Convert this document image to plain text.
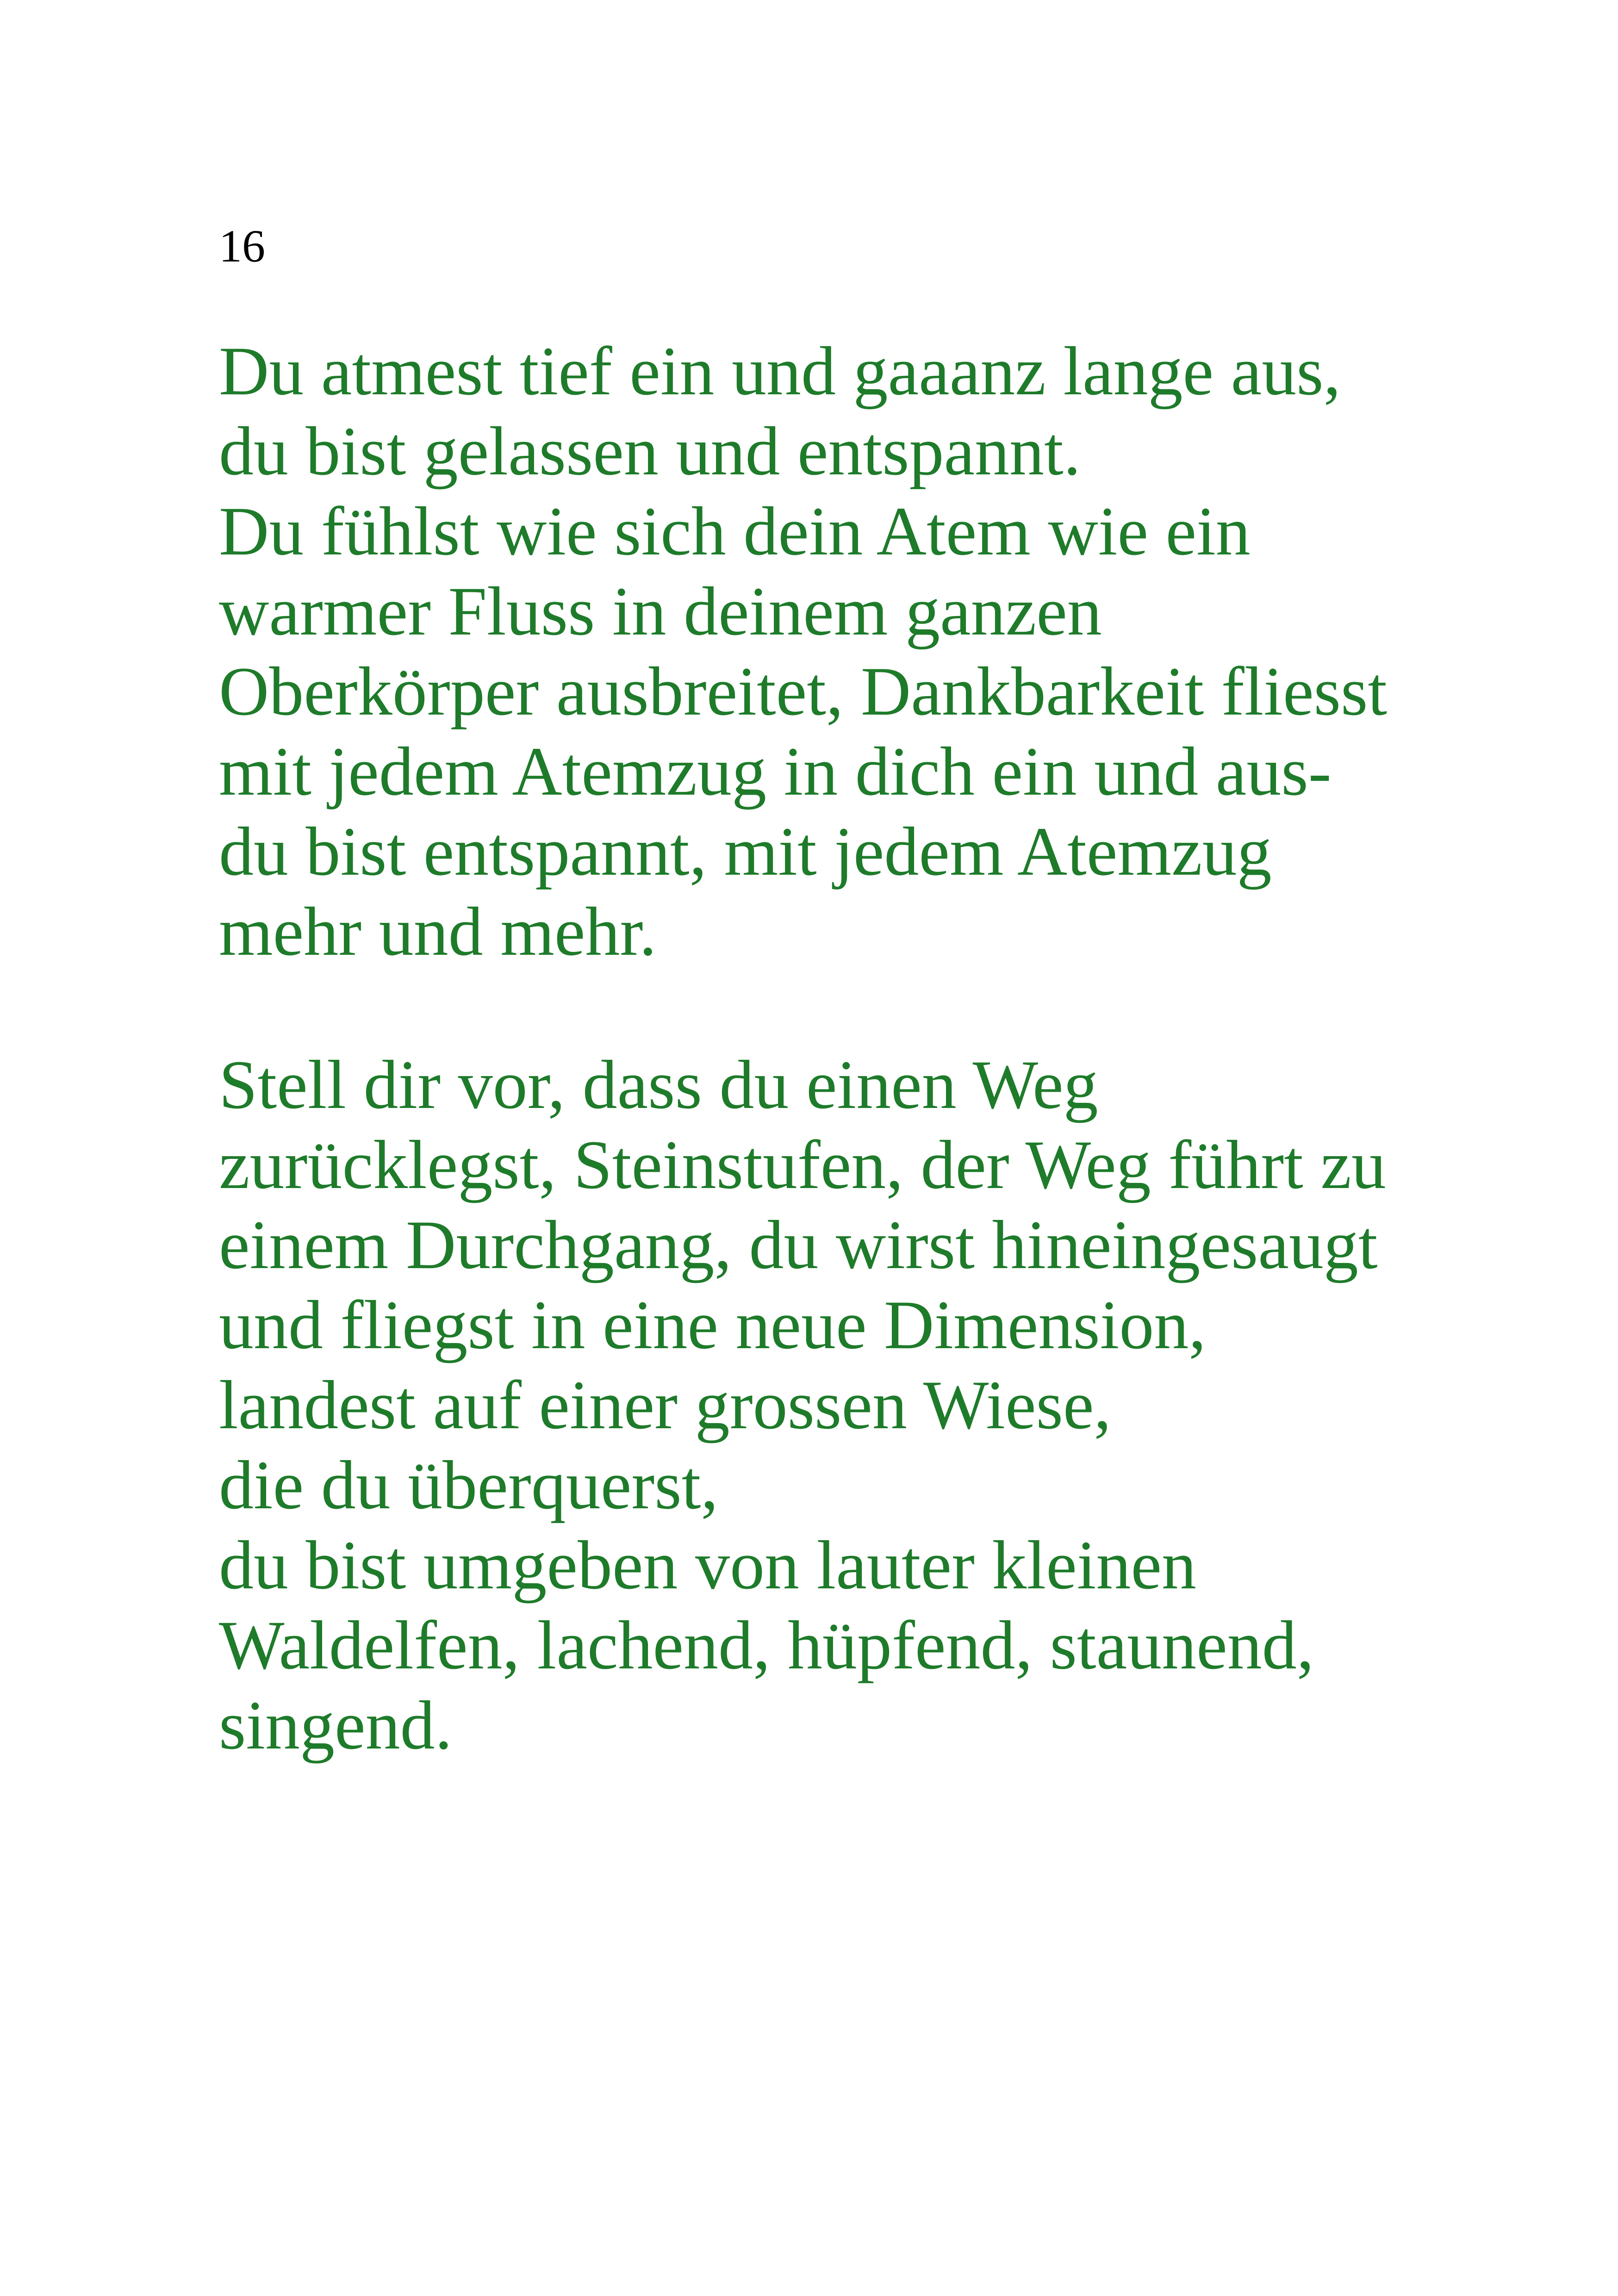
16

Du atmest tief ein und gaaanz lange aus,
du bist gelassen und entspannt.
Du fühlst wie sich dein Atem wie ein
warmer Fluss in deinem ganzen
Oberkörper ausbreitet, Dankbarkeit fliesst
mit jedem Atemzug in dich ein und aus-
du bist entspannt, mit jedem Atemzug
mehr und mehr.
Stell dir vor, dass du einen Weg
zurücklegst, Steinstufen, der Weg führt zu
einem Durchgang, du wirst hineingesaugt
und fliegst in eine neue Dimension,
landest auf einer grossen Wiese,
die du überquerst,
du bist umgeben von lauter kleinen
Waldelfen, lachend, hüpfend, staunend,
singend.
